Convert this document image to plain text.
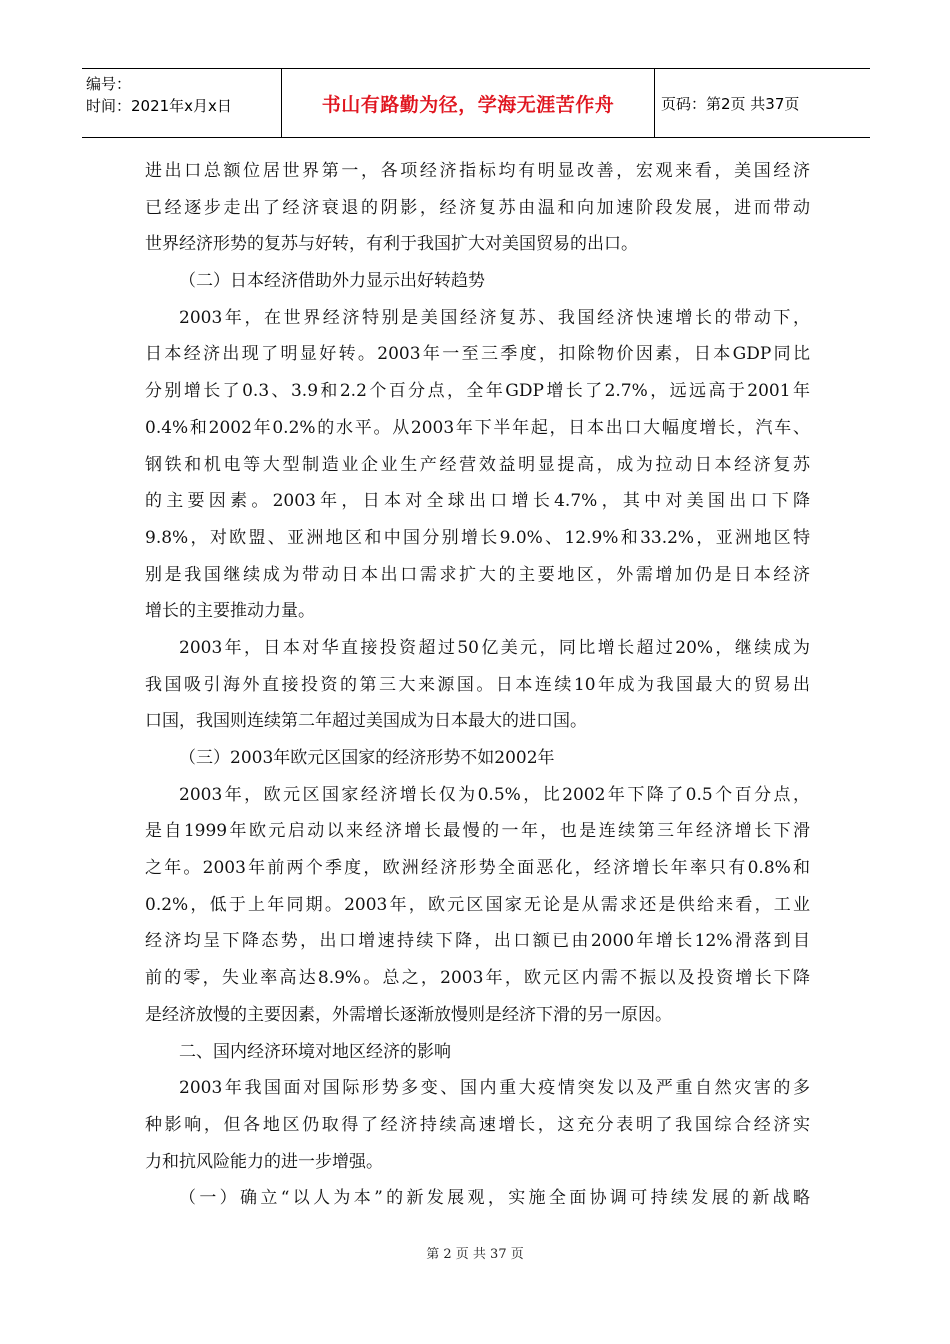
编号：
时间：2021年x月x日	书山有路勤为径，学海无涯苦作舟	页码：第2页 共37页
进出口总额位居世界第一，各项经济指标均有明显改善，宏观来看，美国经济
已经逐步走出了经济衰退的阴影，经济复苏由温和向加速阶段发展，进而带动
世界经济形势的复苏与好转，有利于我国扩大对美国贸易的出口。
（二）日本经济借助外力显示出好转趋势
2003年，在世界经济特别是美国经济复苏、我国经济快速增长的带动下，
日本经济出现了明显好转。2003年一至三季度，扣除物价因素，日本GDP同比
分别增长了0.3、3.9和2.2个百分点，全年GDP增长了2.7%，远远高于2001年
0.4%和2002年0.2%的水平。从2003年下半年起，日本出口大幅度增长，汽车、
钢铁和机电等大型制造业企业生产经营效益明显提高，成为拉动日本经济复苏
的主要因素。2003年，日本对全球出口增长4.7%，其中对美国出口下降
9.8%，对欧盟、亚洲地区和中国分别增长9.0%、12.9%和33.2%，亚洲地区特
别是我国继续成为带动日本出口需求扩大的主要地区，外需增加仍是日本经济
增长的主要推动力量。
2003年，日本对华直接投资超过50亿美元，同比增长超过20%，继续成为
我国吸引海外直接投资的第三大来源国。日本连续10年成为我国最大的贸易出
口国，我国则连续第二年超过美国成为日本最大的进口国。
（三）2003年欧元区国家的经济形势不如2002年
2003年，欧元区国家经济增长仅为0.5%，比2002年下降了0.5个百分点，
是自1999年欧元启动以来经济增长最慢的一年，也是连续第三年经济增长下滑
之年。2003年前两个季度，欧洲经济形势全面恶化，经济增长年率只有0.8%和
0.2%，低于上年同期。2003年，欧元区国家无论是从需求还是供给来看，工业
经济均呈下降态势，出口增速持续下降，出口额已由2000年增长12%滑落到目
前的零，失业率高达8.9%。总之，2003年，欧元区内需不振以及投资增长下降
是经济放慢的主要因素，外需增长逐渐放慢则是经济下滑的另一原因。
二、国内经济环境对地区经济的影响
2003年我国面对国际形势多变、国内重大疫情突发以及严重自然灾害的多
种影响，但各地区仍取得了经济持续高速增长，这充分表明了我国综合经济实
力和抗风险能力的进一步增强。
（一）确立“以人为本”的新发展观，实施全面协调可持续发展的新战略
第 2 页 共 37 页
